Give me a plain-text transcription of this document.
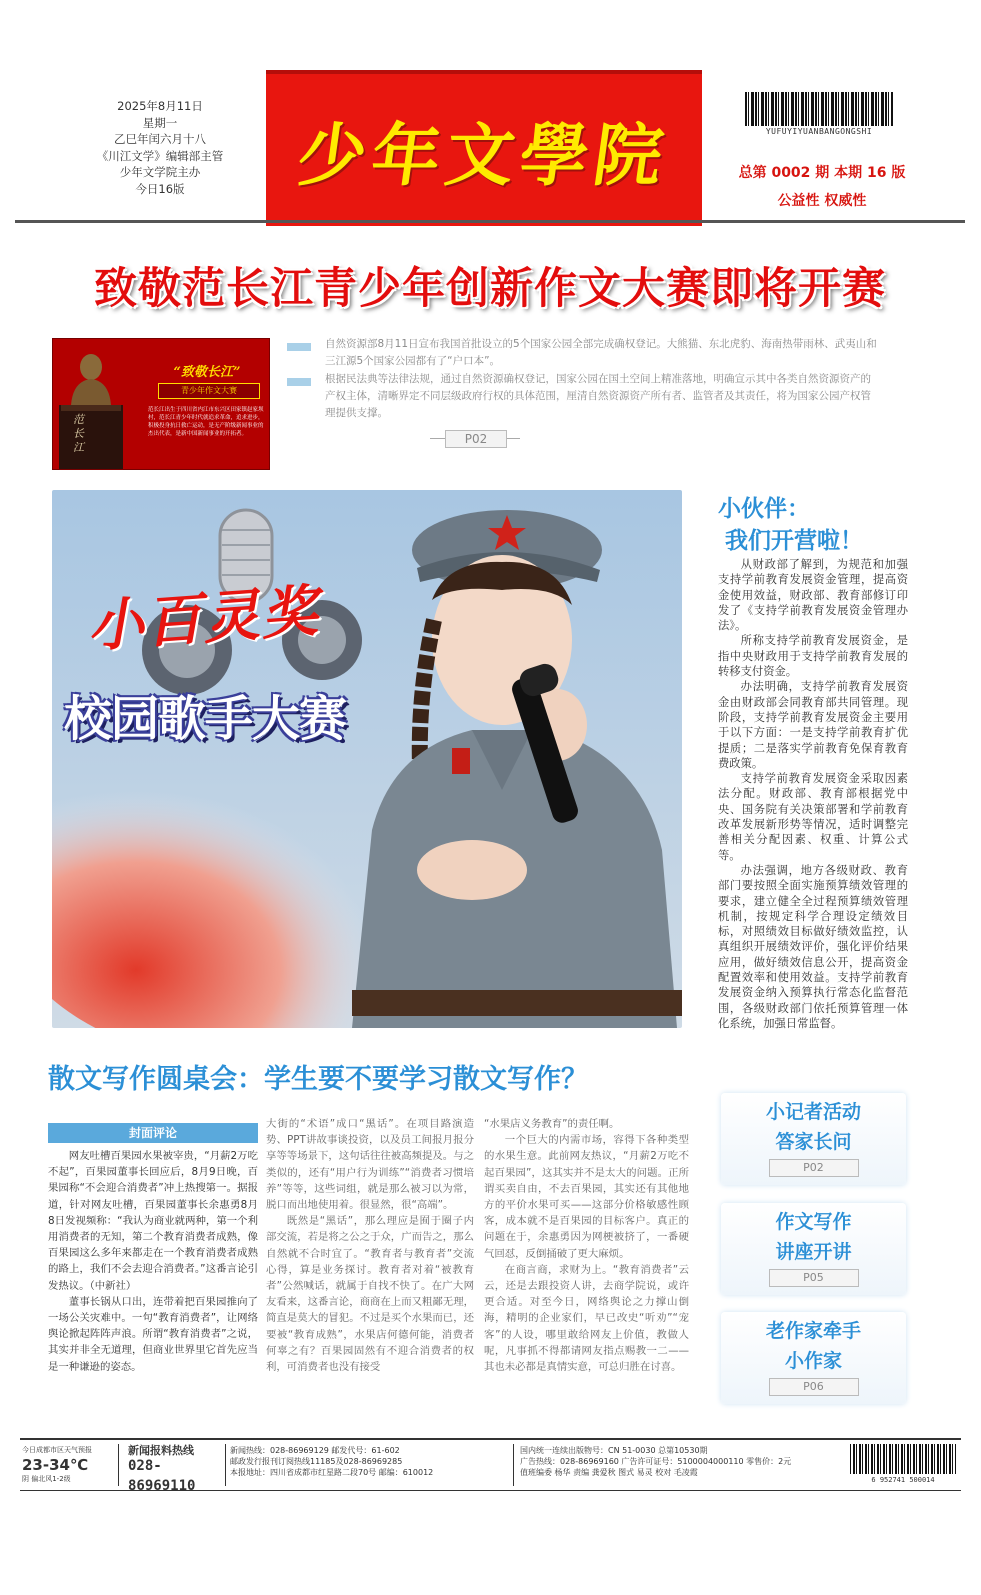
2025年8月11日
星期一
乙巳年闰六月十八
《川江文学》编辑部主管
少年文学院主办
今日16版	少年文學院	YUFUYIYUANBANGONGSHI
总第 0002 期 本期 16 版
公益性 权威性
致敬范长江青少年创新作文大赛即将开赛
范长江
“致敬长江”
青少年作文大赛
范长江出生于四川省内江市东兴区田家镇赵家坝村，范长江青少年时代就追求革命，追求进步，积极投身抗日救亡运动，是无产阶级新闻事业的杰出代表，是新中国新闻事业的开拓者。
自然资源部8月11日宣布我国首批设立的5个国家公园全部完成确权登记。大熊猫、东北虎豹、海南热带雨林、武夷山和三江源5个国家公园都有了“户口本”。
根据民法典等法律法规，通过自然资源确权登记，国家公园在国土空间上精准落地，明确宣示其中各类自然资源资产的产权主体，清晰界定不同层级政府行权的具体范围，厘清自然资源资产所有者、监管者及其责任，将为国家公园产权管理提供支撑。
P02
小百灵奖
校园歌手大赛
小伙伴：
我们开营啦！

从财政部了解到，为规范和加强支持学前教育发展资金管理，提高资金使用效益，财政部、教育部修订印发了《支持学前教育发展资金管理办法》。

所称支持学前教育发展资金，是指中央财政用于支持学前教育发展的转移支付资金。

办法明确，支持学前教育发展资金由财政部会同教育部共同管理。现阶段，支持学前教育发展资金主要用于以下方面：一是支持学前教育扩优提质；二是落实学前教育免保育教育费政策。

支持学前教育发展资金采取因素法分配。财政部、教育部根据党中央、国务院有关决策部署和学前教育改革发展新形势等情况，适时调整完善相关分配因素、权重、计算公式等。

办法强调，地方各级财政、教育部门要按照全面实施预算绩效管理的要求，建立健全全过程预算绩效管理机制，按规定科学合理设定绩效目标，对照绩效目标做好绩效监控，认真组织开展绩效评价，强化评价结果应用，做好绩效信息公开，提高资金配置效率和使用效益。支持学前教育发展资金纳入预算执行常态化监督范围，各级财政部门依托预算管理一体化系统，加强日常监督。

散文写作圆桌会：学生要不要学习散文写作？
封面评论

网友吐槽百果园水果被宰贵，“月薪2万吃不起”，百果园董事长回应后，8月9日晚，百果园称“不会迎合消费者”冲上热搜第一。据报道，针对网友吐槽，百果园董事长余惠勇8月8日发视频称：“我认为商业就两种，第一个利用消费者的无知，第二个教育消费者成熟，像百果园这么多年来都走在一个教育消费者成熟的路上，我们不会去迎合消费者。”这番言论引发热议。（中新社）

董事长锅从口出，连带着把百果园推向了一场公关灾难中。一句“教育消费者”，让网络舆论掀起阵阵声浪。所谓“教育消费者”之说，其实并非全无道理，但商业世界里它首先应当是一种谦逊的姿态。

大街的“术语”成口“黑话”。在项目路演造势、PPT讲故事谈投资，以及员工间报月报分享等等场景下，这句话往往被高频提及。与之类似的，还有“用户行为训练”“消费者习惯培养”等等，这些词组，就是那么被习以为常，脱口而出地使用着。很显然，很“高端”。

既然是“黑话”，那么理应是囿于圈子内部交流，若是将之公之于众，广而告之，那么自然就不合时宜了。“教育者与教育者”交流心得，算是业务探讨。教育者对着“被教育者”公然喊话，就属于自找不快了。在广大网友看来，这番言论，商商在上而又粗鄙无理，简直是莫大的冒犯。不过是买个水果而已，还要被“教育成熟”，水果店何德何能，消费者何辜之有？百果园固然有不迎合消费者的权利，可消费者也没有接受

“水果店义务教育”的责任啊。

一个巨大的内需市场，容得下各种类型的水果生意。此前网友热议，“月薪2万吃不起百果园”，这其实并不是太大的问题。正所谓买卖自由，不去百果园，其实还有其他地方的平价水果可买——这部分价格敏感性顾客，成本就不是百果园的目标客户。真正的问题在于，余惠勇因为网梗被挤了，一番硬气回怼，反倒捅破了更大麻烦。

在商言商，求财为上。“教育消费者”云云，还是去跟投资人讲，去商学院说，或许更合适。对至今日，网络舆论之力撑山倒海，精明的企业家们，早已改史“听劝”“宠客”的人设，哪里敢给网友上价值，教做人呢，凡事抓不得都请网友指点赐教一二——其也未必都是真情实意，可总归胜在讨喜。

小记者活动
答家长问
P02
作文写作
讲座开讲
P05
老作家牵手
小作家
P06
今日成都市区天气预报
23-34℃
阴 偏北风1-2级
新闻报料热线
028-86969110
新闻热线：028-86969129 邮发代号：61-602
邮政发行报刊订阅热线11185及028-86969285
本报地址：四川省成都市红星路二段70号 邮编：610012
国内统一连续出版物号：CN 51-0030 总第10530期
广告热线：028-86969160 广告许可证号：5100004000110 零售价：2元
值班编委 杨华 责编 龚爱秋 图式 易灵 校对 毛凌霞
6 952741 500014
